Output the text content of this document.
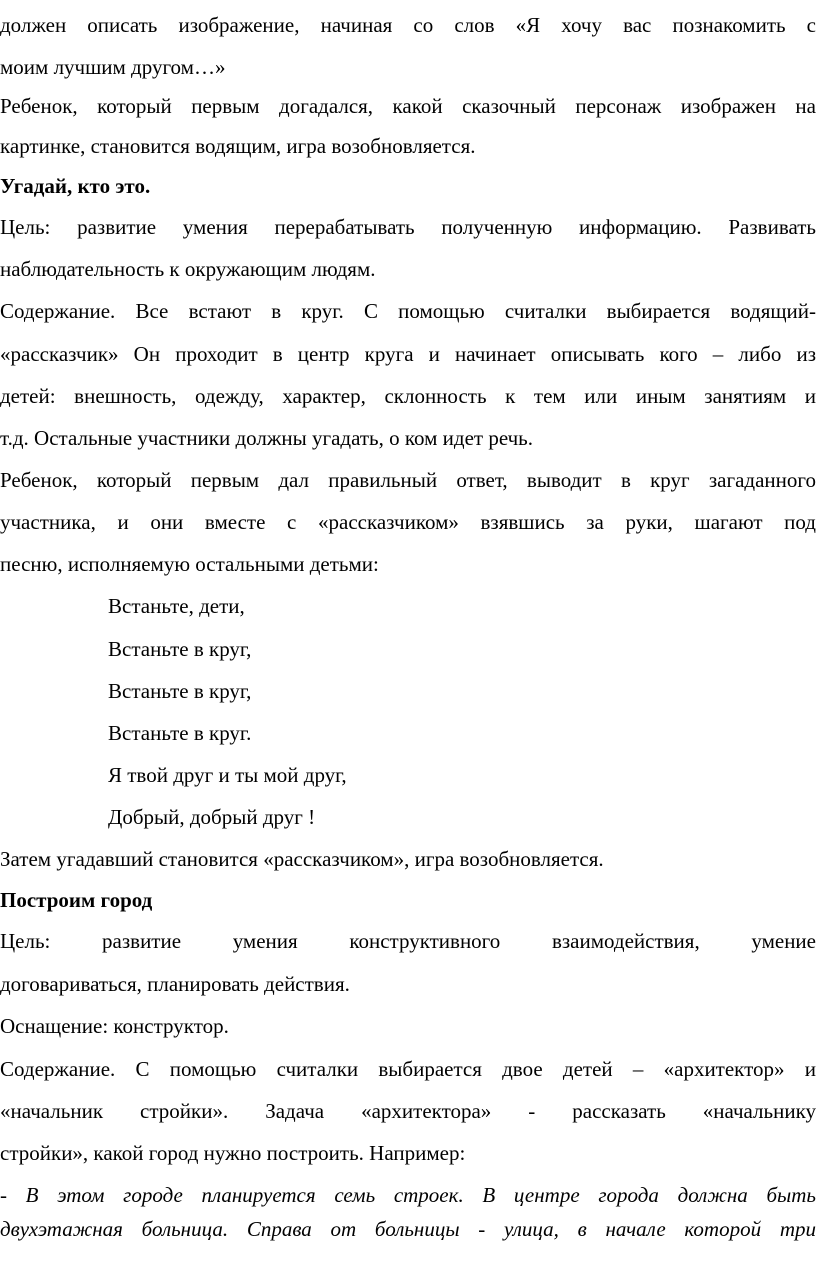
должен описать изображение, начиная со слов «Я хочу вас познакомить с
моим лучшим другом…»
Ребенок, который первым догадался, какой сказочный персонаж изображен на
картинке, становится водящим, игра возобновляется.
Угадай, кто это.
Цель: развитие умения перерабатывать полученную информацию. Развивать
наблюдательность к окружающим людям.
Содержание. Все встают в круг. С помощью считалки выбирается водящий-
«рассказчик» Он проходит в центр круга и начинает описывать кого – либо из
детей: внешность, одежду, характер, склонность к тем или иным занятиям и
т.д. Остальные участники должны угадать, о ком идет речь.
Ребенок, который первым дал правильный ответ, выводит в круг загаданного
участника, и они вместе с «рассказчиком» взявшись за руки, шагают под
песню, исполняемую остальными детьми:
Встаньте, дети,
Встаньте в круг,
Встаньте в круг,
Встаньте в круг.
Я твой друг и ты мой друг,
Добрый, добрый друг !
Затем угадавший становится «рассказчиком», игра возобновляется.
Построим город
Цель: развитие умения конструктивного взаимодействия, умение
договариваться, планировать действия.
Оснащение: конструктор.
Содержание. С помощью считалки выбирается двое детей – «архитектор» и
«начальник стройки». Задача «архитектора» - рассказать «начальнику
стройки», какой город нужно построить. Например:
- В этом городе планируется семь строек. В центре города должна быть
двухэтажная больница. Справа от больницы - улица, в начале которой три
